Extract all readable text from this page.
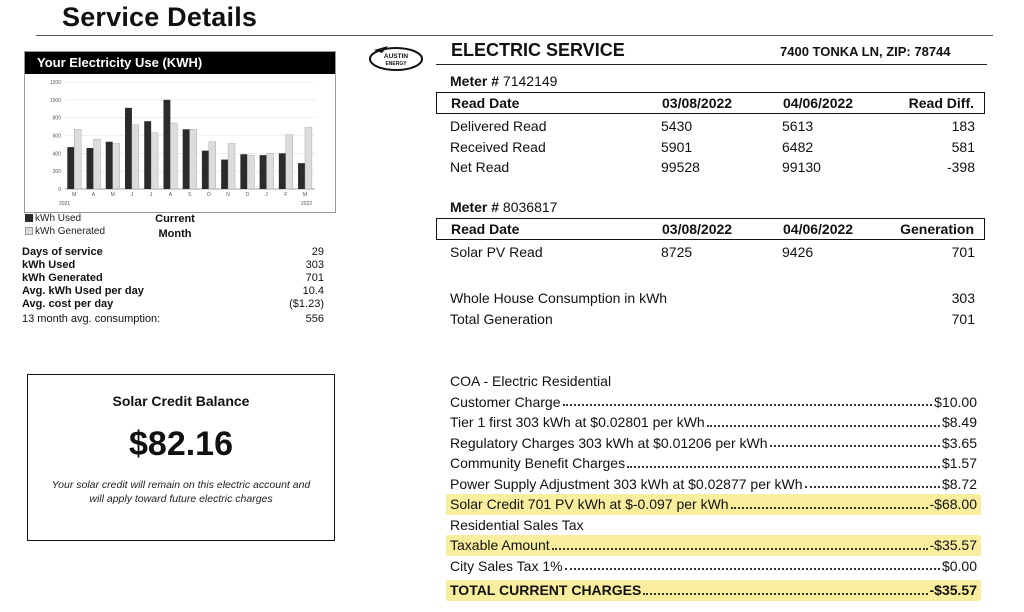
Service Details
Your Electricity Use (KWH)
0
200
400
600
800
1000
1200
M	A	M	J	J	A	S	O	N	D	J	F	M
2021	2022
kWh Used
kWh Generated
Current
Month
Days of service	29
kWh Used	303
kWh Generated	701
Avg. kWh Used per day	10.4
Avg. cost per day	($1.23)
13 month avg. consumption:	556
Solar Credit Balance
$82.16
Your solar credit will remain on this electric account and
will apply toward future electric charges
AUSTIN
ENERGY
ELECTRIC SERVICE	7400 TONKA LN, ZIP: 78744
Meter # 7142149
Read Date	03/08/2022	04/06/2022	Read Diff.
Delivered Read	5430	5613	183
Received Read	5901	6482	581
Net Read	99528	99130	-398
Meter # 8036817
Read Date	03/08/2022	04/06/2022	Generation
Solar PV Read	8725	9426	701
Whole House Consumption in kWh	303
Total Generation	701
COA - Electric Residential
Customer Charge	$10.00
Tier 1 first 303 kWh at $0.02801 per kWh	$8.49
Regulatory Charges 303 kWh at $0.01206 per kWh	$3.65
Community Benefit Charges	$1.57
Power Supply Adjustment 303 kWh at $0.02877 per kWh	$8.72
Solar Credit 701 PV kWh at $-0.097 per kWh	-$68.00
Residential Sales Tax
Taxable Amount	-$35.57
City Sales Tax 1%	$0.00
TOTAL CURRENT CHARGES	-$35.57
